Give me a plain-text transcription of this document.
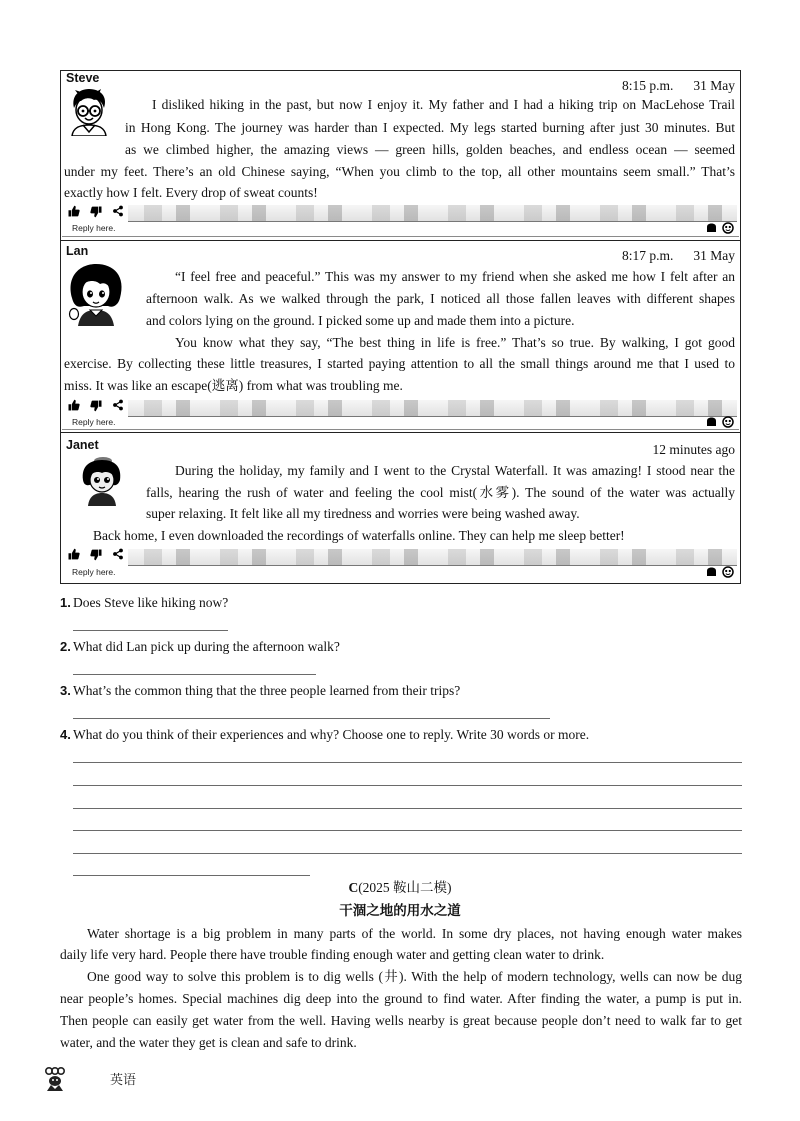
Steve	8:15 p.m. 31 May
I disliked hiking in the past, but now I enjoy it. My father and I had a hiking trip on MacLehose Trail
in Hong Kong. The journey was harder than I expected. My legs started burning after just 30 minutes. But
as we climbed higher, the amazing views — green hills, golden beaches, and endless ocean — seemed
under my feet. There’s an old Chinese saying, “When you climb to the top, all other mountains seem small.” That’s
exactly how I felt. Every drop of sweat counts!
Reply here.
Lan	8:17 p.m. 31 May
“I feel free and peaceful.” This was my answer to my friend when she asked me how I felt after an
afternoon walk. As we walked through the park, I noticed all those fallen leaves with different shapes
and colors lying on the ground. I picked some up and made them into a picture.
You know what they say, “The best thing in life is free.” That’s so true. By walking, I got good
exercise. By collecting these little treasures, I started paying attention to all the small things around me that I used to
miss. It was like an escape(逃离) from what was troubling me.
Reply here.
Janet	12 minutes ago
During the holiday, my family and I went to the Crystal Waterfall. It was amazing! I stood near the
falls, hearing the rush of water and feeling the cool mist(水雾). The sound of the water was actually
super relaxing. It felt like all my tiredness and worries were being washed away.
Back home, I even downloaded the recordings of waterfalls online. They can help me sleep better!
Reply here.
1. Does Steve like hiking now?
2. What did Lan pick up during the afternoon walk?
3. What’s the common thing that the three people learned from their trips?
4. What do you think of their experiences and why? Choose one to reply. Write 30 words or more.
C(2025 鞍山二模)
干涸之地的用水之道
Water shortage is a big problem in many parts of the world. In some dry places, not having enough water makes
daily life very hard. People there have trouble finding enough water and getting clean water to drink.
One good way to solve this problem is to dig wells (井). With the help of modern technology, wells can now be dug
near people’s homes. Special machines dig deep into the ground to find water. After finding the water, a pump is put in.
Then people can easily get water from the well. Having wells nearby is great because people don’t need to walk far to get
water, and the water they get is clean and safe to drink.
英语
